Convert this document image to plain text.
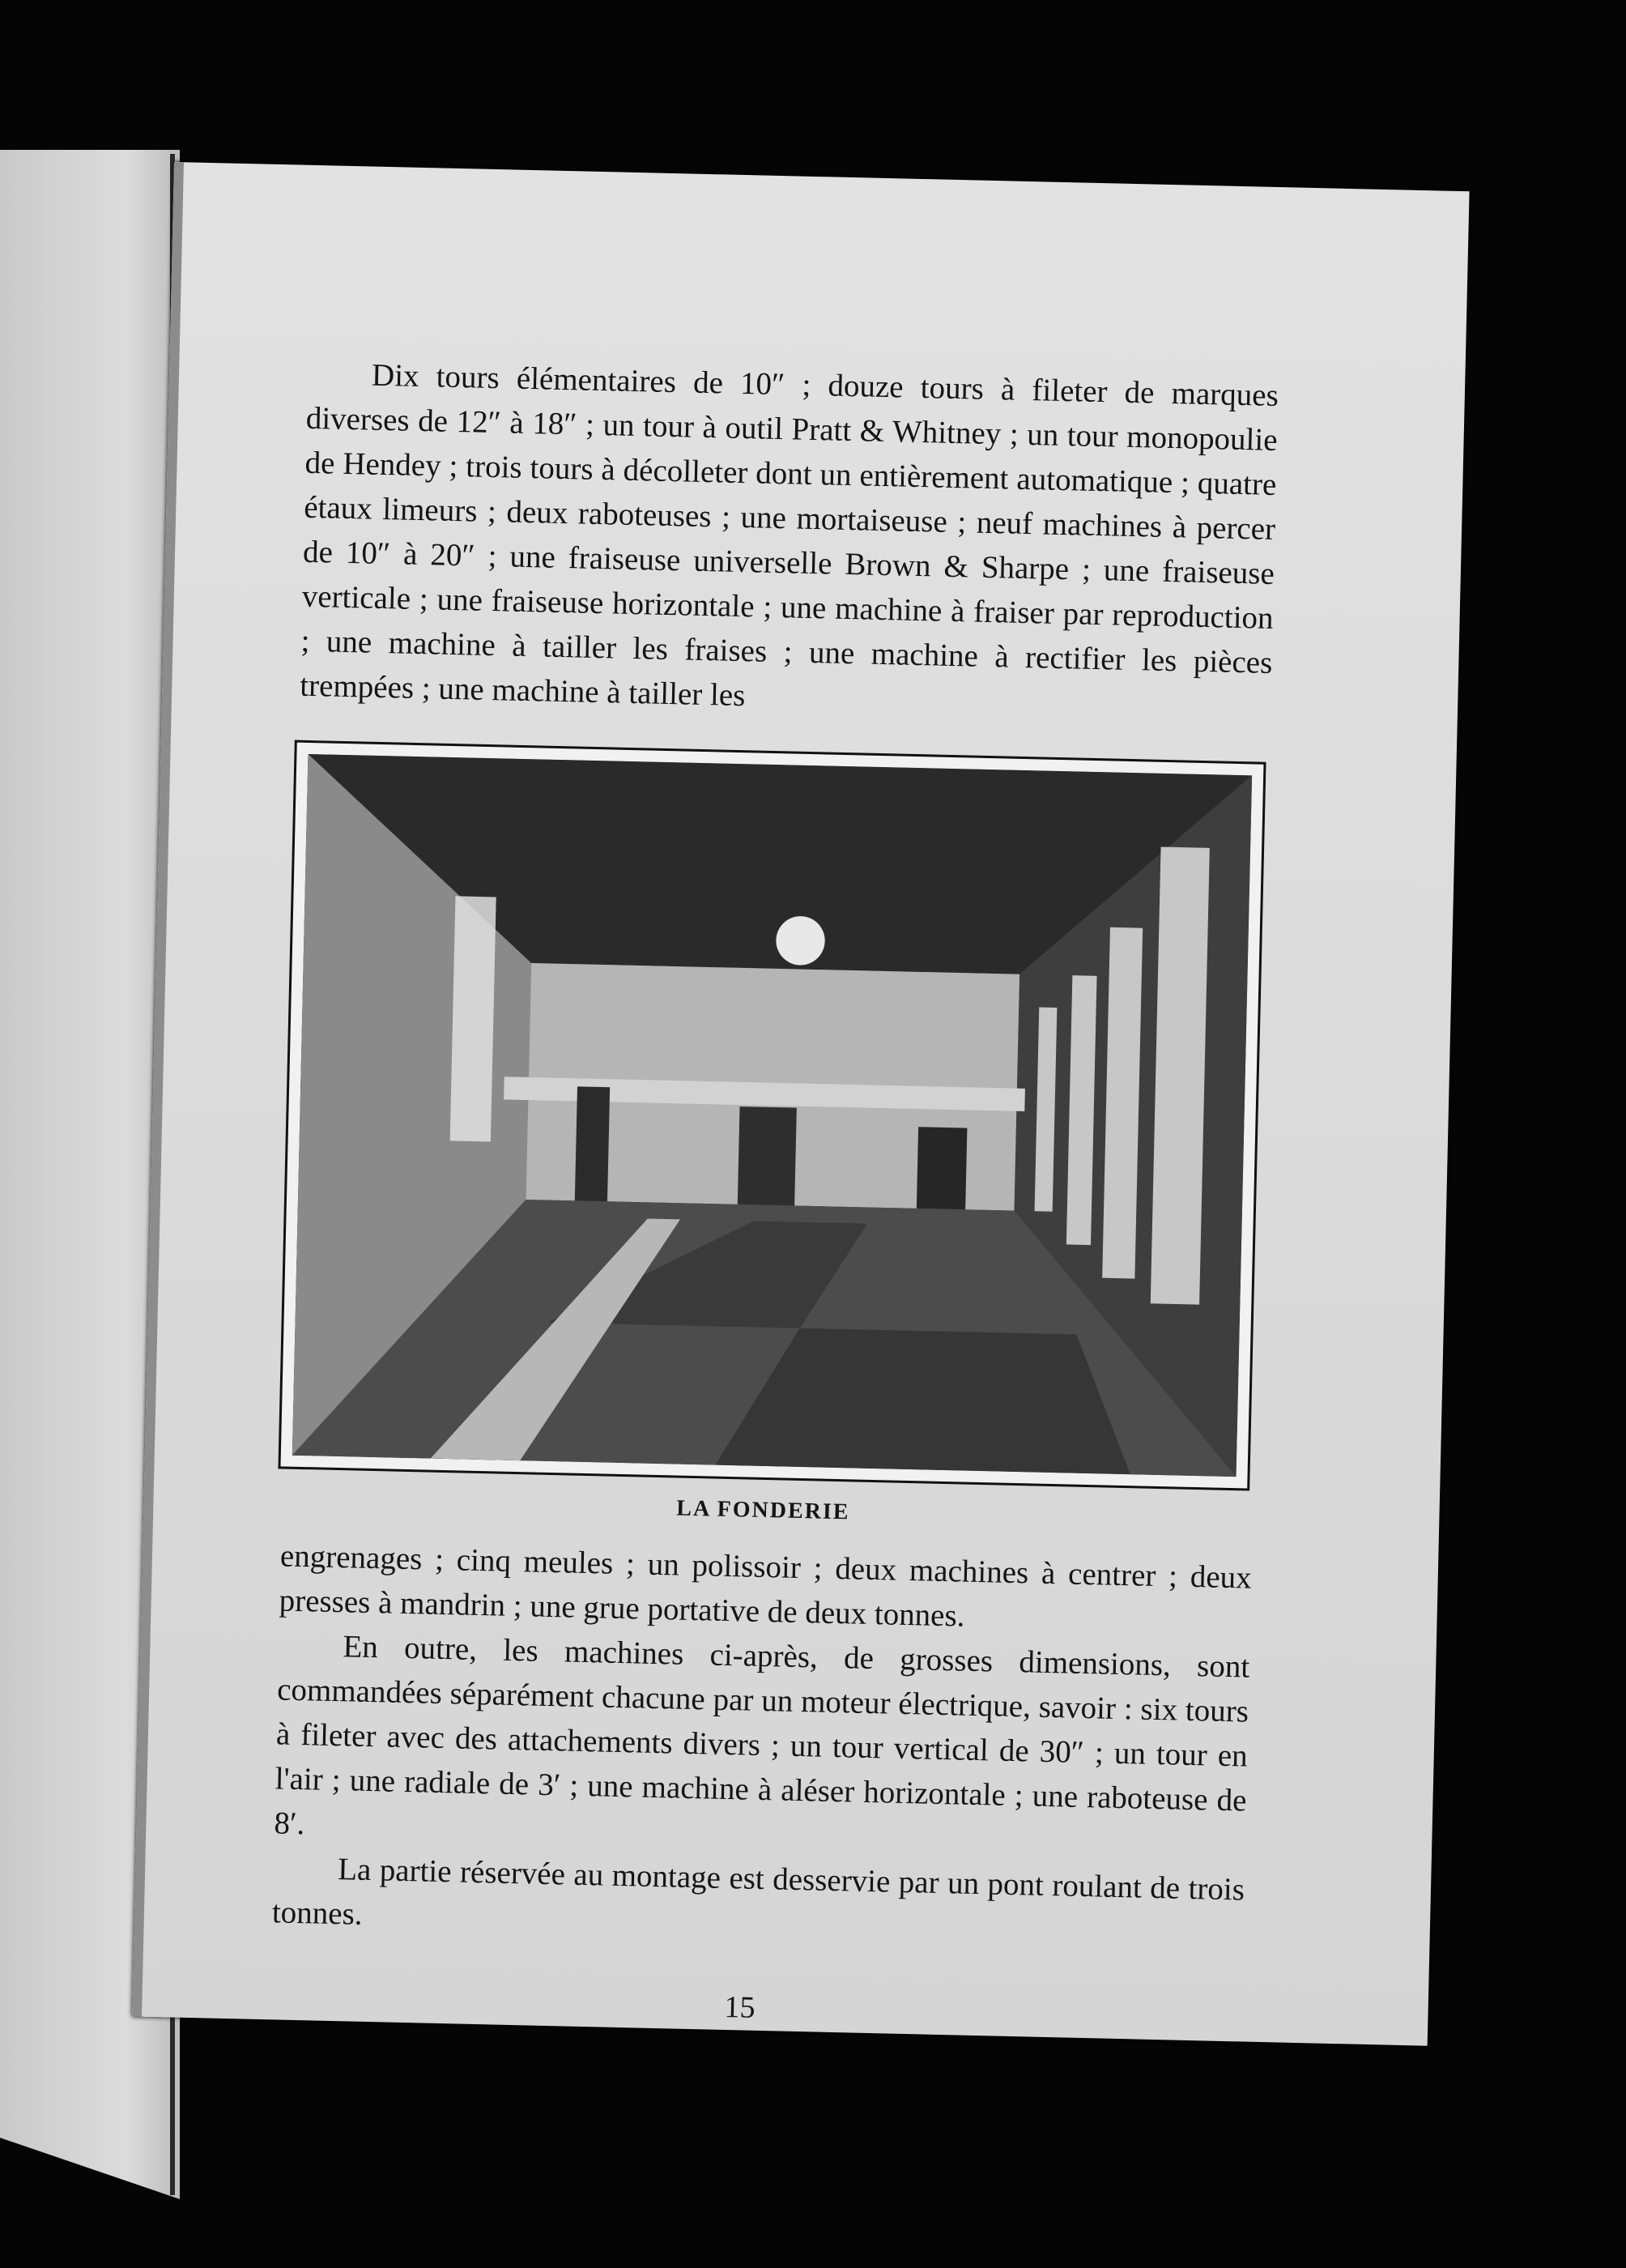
Dix tours élémentaires de 10″ ; douze tours à fileter de marques diverses de 12″ à 18″ ; un tour à outil Pratt & Whitney ; un tour monopoulie de Hendey ; trois tours à décolleter dont un entièrement automatique ; quatre étaux limeurs ; deux raboteuses ; une mortaiseuse ; neuf machines à percer de 10″ à 20″ ; une fraiseuse universelle Brown & Sharpe ; une fraiseuse verticale ; une fraiseuse horizontale ; une machine à fraiser par reproduction ; une machine à tailler les fraises ; une machine à rectifier les pièces trempées ; une machine à tailler les

LA FONDERIE

engrenages ; cinq meules ; un polissoir ; deux machines à centrer ; deux presses à mandrin ; une grue portative de deux tonnes.

En outre, les machines ci-après, de grosses dimensions, sont commandées séparément chacune par un moteur électrique, savoir : six tours à fileter avec des attachements divers ; un tour vertical de 30″ ; un tour en l'air ; une radiale de 3′ ; une machine à aléser horizontale ; une raboteuse de 8′.

La partie réservée au montage est desservie par un pont roulant de trois tonnes.

15
